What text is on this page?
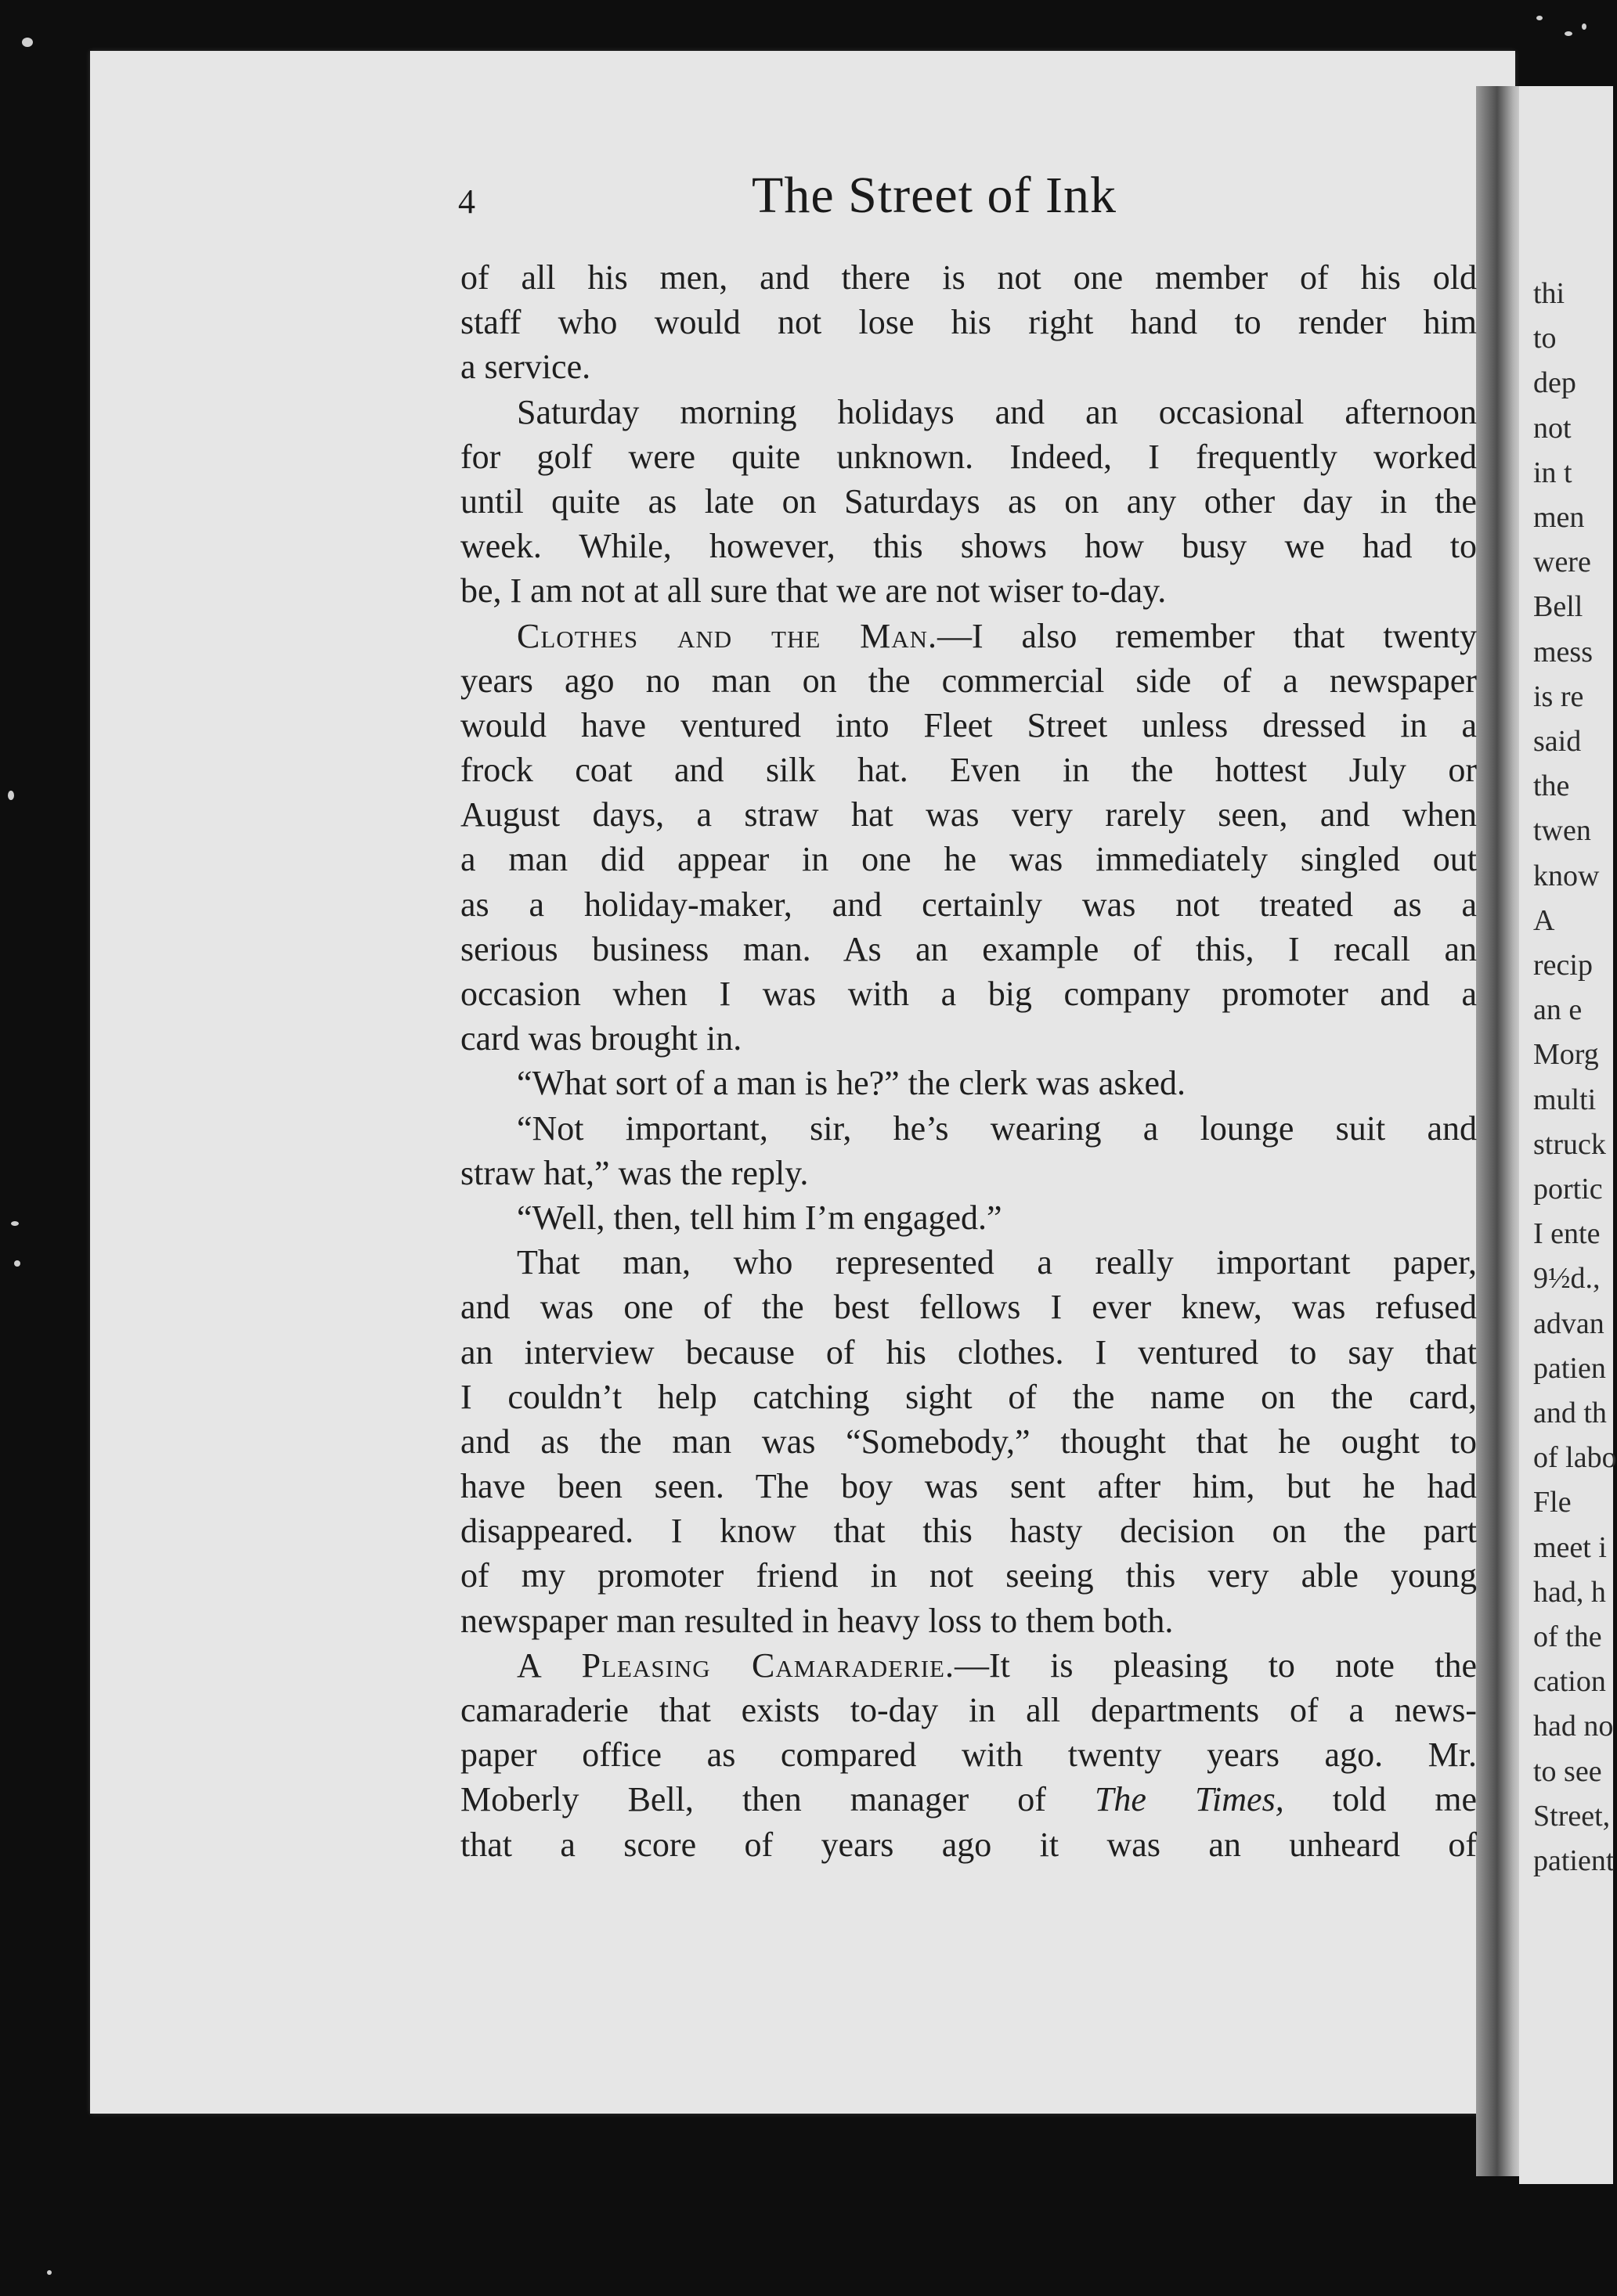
thi
to
dep
not
in t
men
were
Bell
mess
is re
said
the
twen
know
A
recip
an e
Morg
multi
struck
portic
I ente
9½d.,
advan
patien
and th
of labo
Fle
meet i
had, h
of the
cation
had no
to see
Street,
patient
4	The Street of Ink
of all his men, and there is not one member of his old
staff who would not lose his right hand to render him
a service.
Saturday morning holidays and an occasional afternoon
for golf were quite unknown. Indeed, I frequently worked
until quite as late on Saturdays as on any other day in the
week. While, however, this shows how busy we had to
be, I am not at all sure that we are not wiser to-day.
Clothes and the Man.—I also remember that twenty
years ago no man on the commercial side of a newspaper
would have ventured into Fleet Street unless dressed in a
frock coat and silk hat. Even in the hottest July or
August days, a straw hat was very rarely seen, and when
a man did appear in one he was immediately singled out
as a holiday-maker, and certainly was not treated as a
serious business man. As an example of this, I recall an
occasion when I was with a big company promoter and a
card was brought in.
“What sort of a man is he?” the clerk was asked.
“Not important, sir, he’s wearing a lounge suit and
straw hat,” was the reply.
“Well, then, tell him I’m engaged.”
That man, who represented a really important paper,
and was one of the best fellows I ever knew, was refused
an interview because of his clothes. I ventured to say that
I couldn’t help catching sight of the name on the card,
and as the man was “Somebody,” thought that he ought to
have been seen. The boy was sent after him, but he had
disappeared. I know that this hasty decision on the part
of my promoter friend in not seeing this very able young
newspaper man resulted in heavy loss to them both.
A Pleasing Camaraderie.—It is pleasing to note the
camaraderie that exists to-day in all departments of a news-
paper office as compared with twenty years ago. Mr.
Moberly Bell, then manager of The Times, told me
that a score of years ago it was an unheard of
